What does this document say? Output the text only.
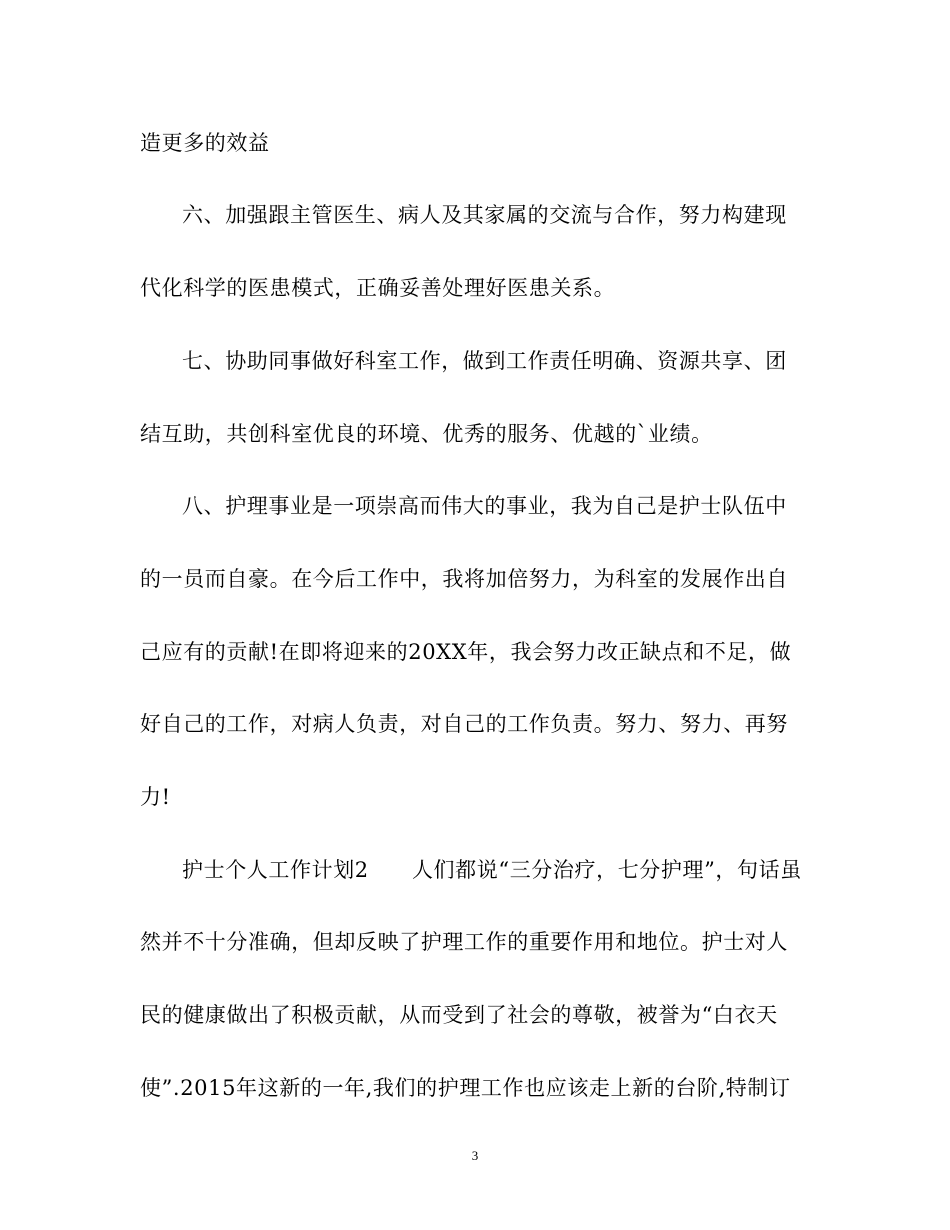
造更多的效益
六、加强跟主管医生、病人及其家属的交流与合作，努力构建现
代化科学的医患模式，正确妥善处理好医患关系。
七、协助同事做好科室工作，做到工作责任明确、资源共享、团
结互助，共创科室优良的环境、优秀的服务、优越的`业绩。
八、护理事业是一项崇高而伟大的事业，我为自己是护士队伍中
的一员而自豪。在今后工作中，我将加倍努力，为科室的发展作出自
己应有的贡献!在即将迎来的20XX年，我会努力改正缺点和不足，做
好自己的工作，对病人负责，对自己的工作负责。努力、努力、再努
力!
护士个人工作计划2　　人们都说“三分治疗，七分护理”，句话虽
然并不十分准确，但却反映了护理工作的重要作用和地位。护士对人
民的健康做出了积极贡献，从而受到了社会的尊敬，被誉为“白衣天
使”.2015年这新的一年,我们的护理工作也应该走上新的台阶,特制订
3
